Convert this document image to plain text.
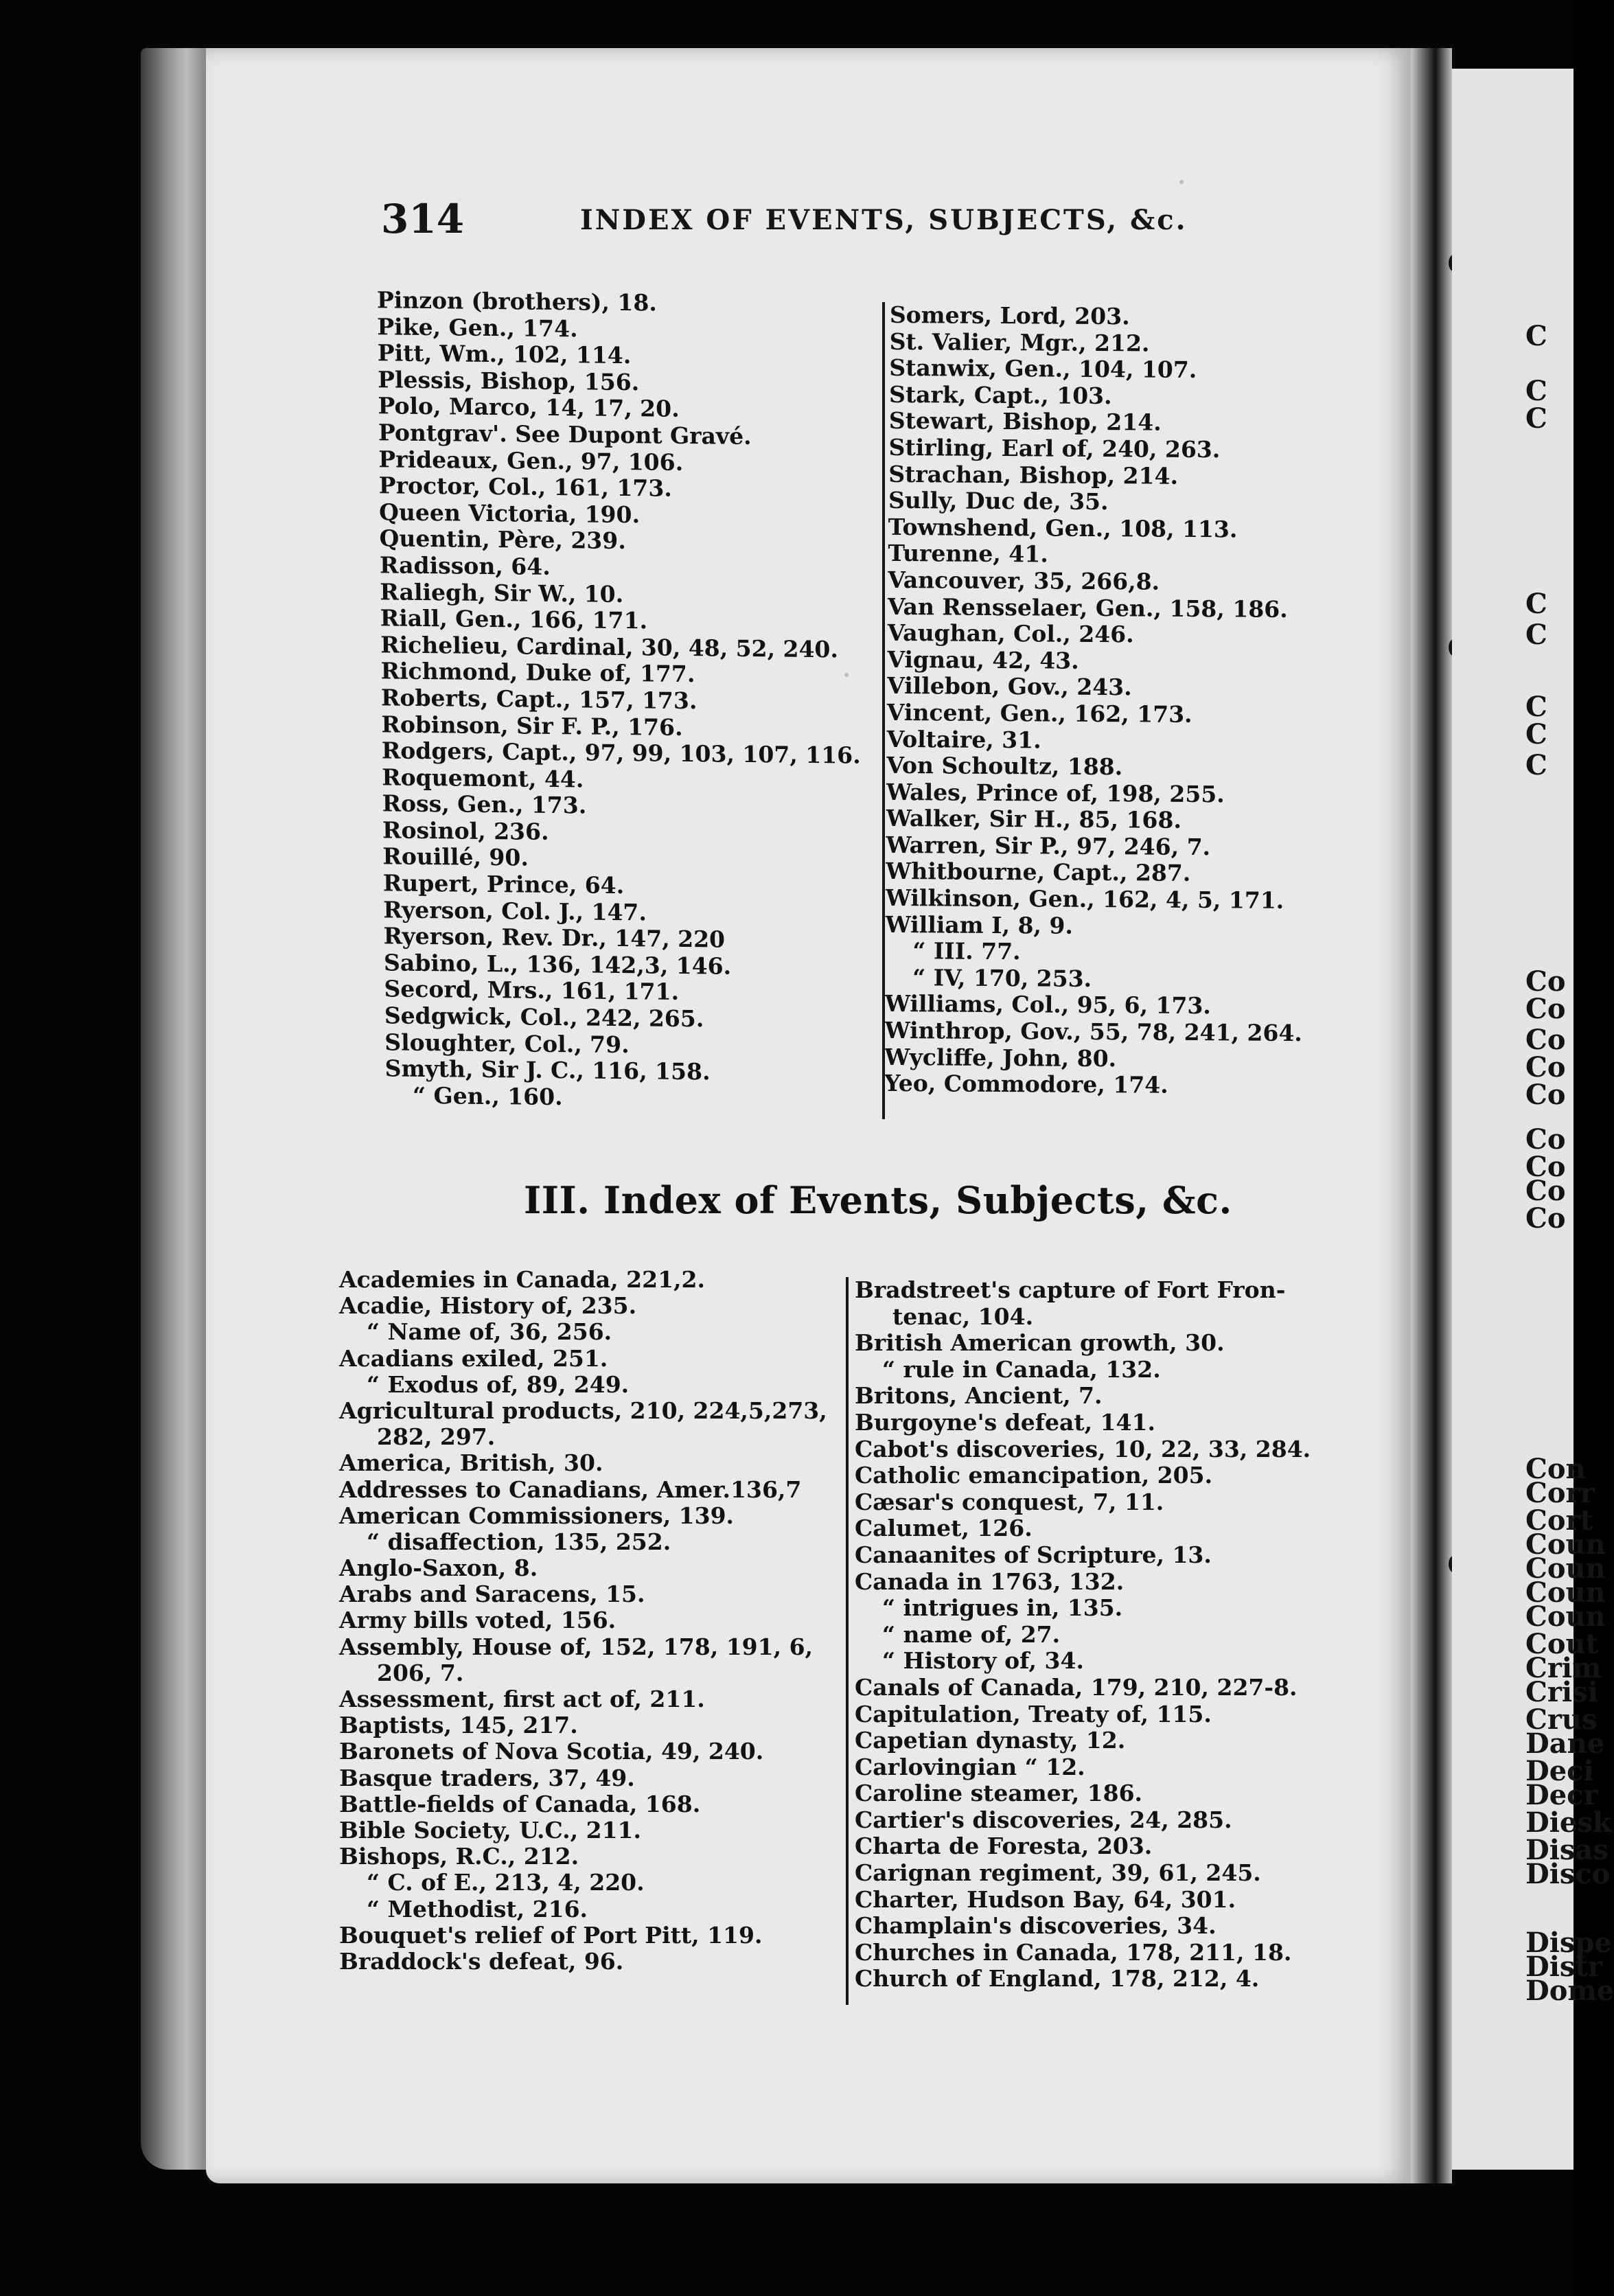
C
C
C
C
C
C
C
C
Co
Co
Co
Co
Co
Co
Co
Co
Co
Con
Corr
Cort
Coun
Coun
Coun
Coun
Cout
Crim
Crisi
Crus
Dane
Deci
Decr
Diesk
Disas
Disco
Dispe
Distr
Dome
314	INDEX OF EVENTS, SUBJECTS, &c.
Pinzon (brothers), 18.
Pike, Gen., 174.
Pitt, Wm., 102, 114.
Plessis, Bishop, 156.
Polo, Marco, 14, 17, 20.
Pontgrav'. See Dupont Gravé.
Prideaux, Gen., 97, 106.
Proctor, Col., 161, 173.
Queen Victoria, 190.
Quentin, Père, 239.
Radisson, 64.
Raliegh, Sir W., 10.
Riall, Gen., 166, 171.
Richelieu, Cardinal, 30, 48, 52, 240.
Richmond, Duke of, 177.
Roberts, Capt., 157, 173.
Robinson, Sir F. P., 176.
Rodgers, Capt., 97, 99, 103, 107, 116.
Roquemont, 44.
Ross, Gen., 173.
Rosinol, 236.
Rouillé, 90.
Rupert, Prince, 64.
Ryerson, Col. J., 147.
Ryerson, Rev. Dr., 147, 220
Sabino, L., 136, 142,3, 146.
Secord, Mrs., 161, 171.
Sedgwick, Col., 242, 265.
Sloughter, Col., 79.
Smyth, Sir J. C., 116, 158.
“ Gen., 160.
Somers, Lord, 203.
St. Valier, Mgr., 212.
Stanwix, Gen., 104, 107.
Stark, Capt., 103.
Stewart, Bishop, 214.
Stirling, Earl of, 240, 263.
Strachan, Bishop, 214.
Sully, Duc de, 35.
Townshend, Gen., 108, 113.
Turenne, 41.
Vancouver, 35, 266,8.
Van Rensselaer, Gen., 158, 186.
Vaughan, Col., 246.
Vignau, 42, 43.
Villebon, Gov., 243.
Vincent, Gen., 162, 173.
Voltaire, 31.
Von Schoultz, 188.
Wales, Prince of, 198, 255.
Walker, Sir H., 85, 168.
Warren, Sir P., 97, 246, 7.
Whitbourne, Capt., 287.
Wilkinson, Gen., 162, 4, 5, 171.
William I, 8, 9.
“ III. 77.
“ IV, 170, 253.
Williams, Col., 95, 6, 173.
Winthrop, Gov., 55, 78, 241, 264.
Wycliffe, John, 80.
Yeo, Commodore, 174.
III. Index of Events, Subjects, &c.
Academies in Canada, 221,2.
Acadie, History of, 235.
“ Name of, 36, 256.
Acadians exiled, 251.
“ Exodus of, 89, 249.
Agricultural products, 210, 224,5,273,
282, 297.
America, British, 30.
Addresses to Canadians, Amer.136,7
American Commissioners, 139.
“ disaffection, 135, 252.
Anglo-Saxon, 8.
Arabs and Saracens, 15.
Army bills voted, 156.
Assembly, House of, 152, 178, 191, 6,
206, 7.
Assessment, first act of, 211.
Baptists, 145, 217.
Baronets of Nova Scotia, 49, 240.
Basque traders, 37, 49.
Battle-fields of Canada, 168.
Bible Society, U.C., 211.
Bishops, R.C., 212.
“ C. of E., 213, 4, 220.
“ Methodist, 216.
Bouquet's relief of Port Pitt, 119.
Braddock's defeat, 96.
Bradstreet's capture of Fort Fron-
tenac, 104.
British American growth, 30.
“ rule in Canada, 132.
Britons, Ancient, 7.
Burgoyne's defeat, 141.
Cabot's discoveries, 10, 22, 33, 284.
Catholic emancipation, 205.
Cæsar's conquest, 7, 11.
Calumet, 126.
Canaanites of Scripture, 13.
Canada in 1763, 132.
“ intrigues in, 135.
“ name of, 27.
“ History of, 34.
Canals of Canada, 179, 210, 227-8.
Capitulation, Treaty of, 115.
Capetian dynasty, 12.
Carlovingian “ 12.
Caroline steamer, 186.
Cartier's discoveries, 24, 285.
Charta de Foresta, 203.
Carignan regiment, 39, 61, 245.
Charter, Hudson Bay, 64, 301.
Champlain's discoveries, 34.
Churches in Canada, 178, 211, 18.
Church of England, 178, 212, 4.
